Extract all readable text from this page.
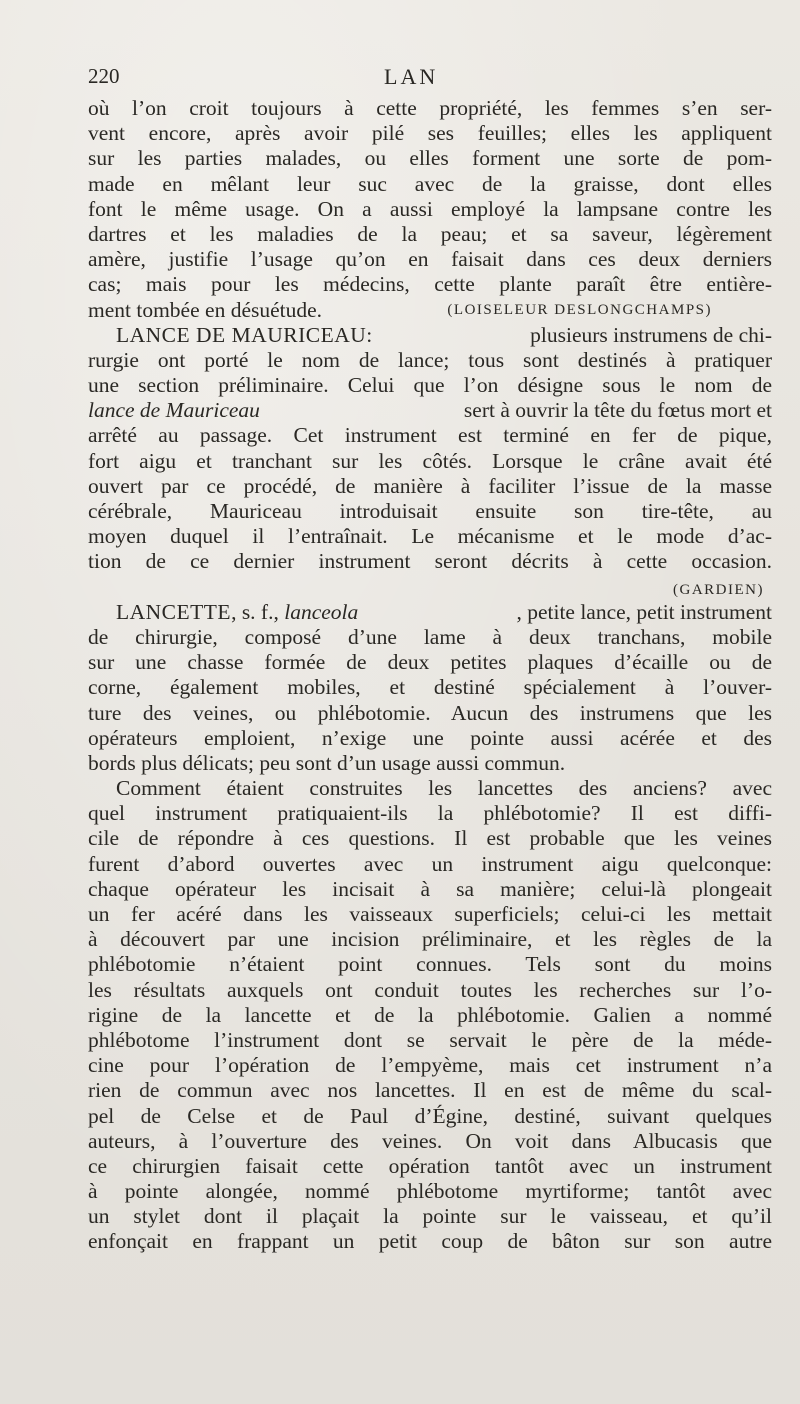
220	LAN
où l’on croit toujours à cette propriété, les femmes s’en ser-
vent encore, après avoir pilé ses feuilles; elles les appliquent
sur les parties malades, ou elles forment une sorte de pom-
made en mêlant leur suc avec de la graisse, dont elles
font le même usage. On a aussi employé la lampsane contre les
dartres et les maladies de la peau; et sa saveur, légèrement
amère, justifie l’usage qu’on en faisait dans ces deux derniers
cas; mais pour les médecins, cette plante paraît être entière-
ment tombée en désuétude.	(LOISELEUR DESLONGCHAMPS)
LANCE DE MAURICEAU:	plusieurs instrumens de chi-
rurgie ont porté le nom de lance; tous sont destinés à pratiquer
une section préliminaire. Celui que l’on désigne sous le nom de
lance de Mauriceau	sert à ouvrir la tête du fœtus mort et
arrêté au passage. Cet instrument est terminé en fer de pique,
fort aigu et tranchant sur les côtés. Lorsque le crâne avait été
ouvert par ce procédé, de manière à faciliter l’issue de la masse
cérébrale, Mauriceau introduisait ensuite son tire-tête, au
moyen duquel il l’entraînait. Le mécanisme et le mode d’ac-
tion de ce dernier instrument seront décrits à cette occasion.
(GARDIEN)
LANCETTE, s. f., lanceola	, petite lance, petit instrument
de chirurgie, composé d’une lame à deux tranchans, mobile
sur une chasse formée de deux petites plaques d’écaille ou de
corne, également mobiles, et destiné spécialement à l’ouver-
ture des veines, ou phlébotomie. Aucun des instrumens que les
opérateurs emploient, n’exige une pointe aussi acérée et des
bords plus délicats; peu sont d’un usage aussi commun.
Comment étaient construites les lancettes des anciens? avec
quel instrument pratiquaient-ils la phlébotomie? Il est diffi-
cile de répondre à ces questions. Il est probable que les veines
furent d’abord ouvertes avec un instrument aigu quelconque:
chaque opérateur les incisait à sa manière; celui-là plongeait
un fer acéré dans les vaisseaux superficiels; celui-ci les mettait
à découvert par une incision préliminaire, et les règles de la
phlébotomie n’étaient point connues. Tels sont du moins
les résultats auxquels ont conduit toutes les recherches sur l’o-
rigine de la lancette et de la phlébotomie. Galien a nommé
phlébotome l’instrument dont se servait le père de la méde-
cine pour l’opération de l’empyème, mais cet instrument n’a
rien de commun avec nos lancettes. Il en est de même du scal-
pel de Celse et de Paul d’Égine, destiné, suivant quelques
auteurs, à l’ouverture des veines. On voit dans Albucasis que
ce chirurgien faisait cette opération tantôt avec un instrument
à pointe alongée, nommé phlébotome myrtiforme; tantôt avec
un stylet dont il plaçait la pointe sur le vaisseau, et qu’il
enfonçait en frappant un petit coup de bâton sur son autre
